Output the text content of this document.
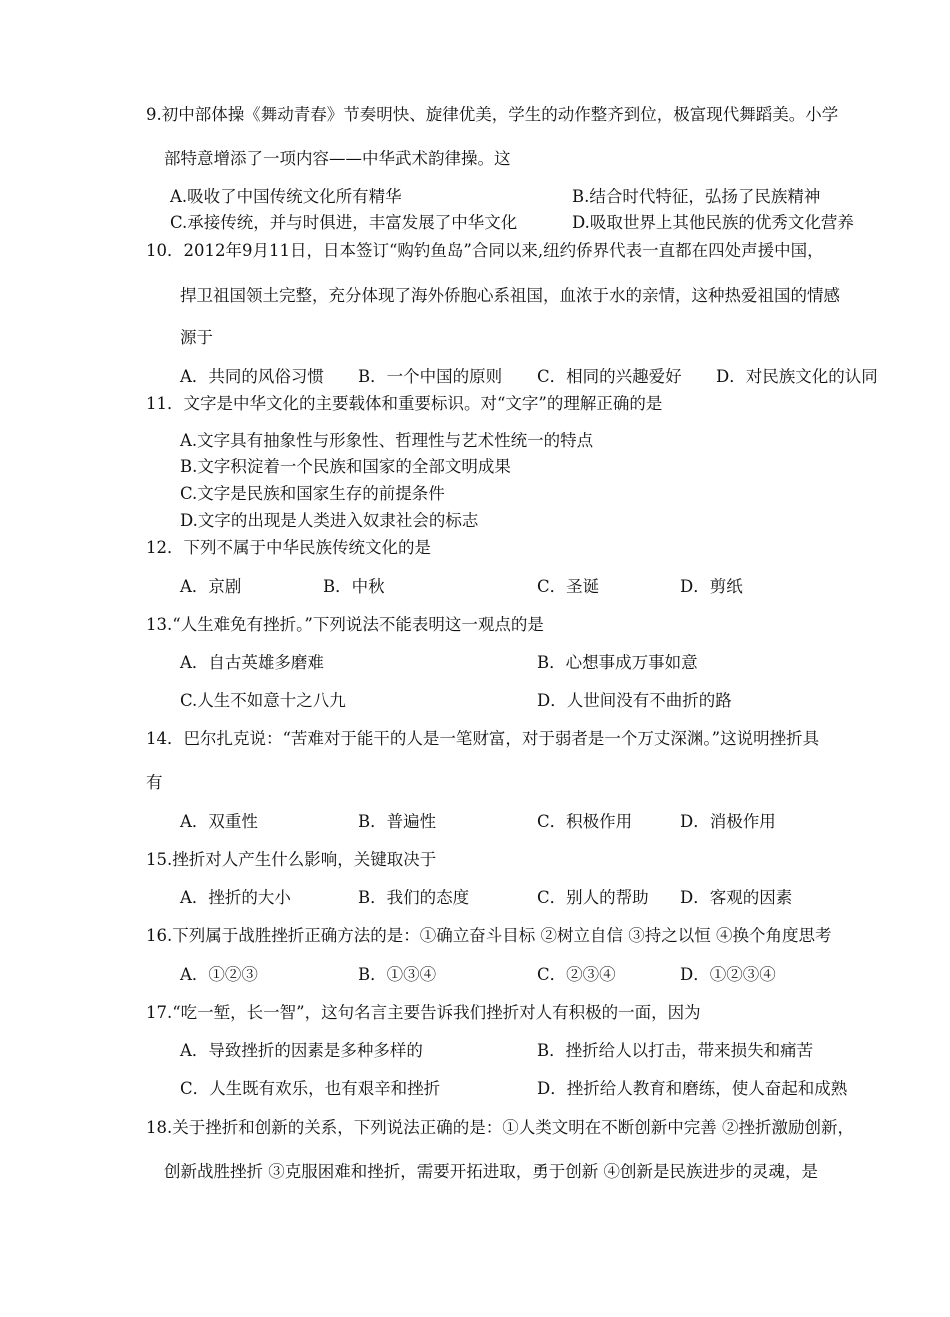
9.初中部体操《舞动青春》节奏明快、旋律优美，学生的动作整齐到位，极富现代舞蹈美。小学
部特意增添了一项内容——中华武术韵律操。这
A.吸收了中国传统文化所有精华	B.结合时代特征，弘扬了民族精神
C.承接传统，并与时俱进，丰富发展了中华文化	D.吸取世界上其他民族的优秀文化营养
10．2012年9月11日，日本签订“购钓鱼岛”合同以来,纽约侨界代表一直都在四处声援中国，
捍卫祖国领土完整，充分体现了海外侨胞心系祖国，血浓于水的亲情，这种热爱祖国的情感
源于
A．共同的风俗习惯 B．一个中国的原则 C．相同的兴趣爱好 D．对民族文化的认同
11．文字是中华文化的主要载体和重要标识。对“文字”的理解正确的是
A.文字具有抽象性与形象性、哲理性与艺术性统一的特点
B.文字积淀着一个民族和国家的全部文明成果
C.文字是民族和国家生存的前提条件
D.文字的出现是人类进入奴隶社会的标志
12．下列不属于中华民族传统文化的是
A．京剧	B．中秋	C．圣诞	D．剪纸
13.“人生难免有挫折。”下列说法不能表明这一观点的是
A．自古英雄多磨难	B．心想事成万事如意
C.人生不如意十之八九	D．人世间没有不曲折的路
14．巴尔扎克说：“苦难对于能干的人是一笔财富，对于弱者是一个万丈深渊。”这说明挫折具
有
A．双重性	B．普遍性	C．积极作用	D．消极作用
15.挫折对人产生什么影响，关键取决于
A．挫折的大小	B．我们的态度	C．别人的帮助 D．客观的因素
16.下列属于战胜挫折正确方法的是：①确立奋斗目标 ②树立自信 ③持之以恒 ④换个角度思考
A．①②③	B．①③④	C．②③④	D．①②③④
17.“吃一堑，长一智”，这句名言主要告诉我们挫折对人有积极的一面，因为
A．导致挫折的因素是多种多样的	B．挫折给人以打击，带来损失和痛苦
C．人生既有欢乐，也有艰辛和挫折	D．挫折给人教育和磨练，使人奋起和成熟
18.关于挫折和创新的关系，下列说法正确的是：①人类文明在不断创新中完善 ②挫折激励创新，
创新战胜挫折 ③克服困难和挫折，需要开拓进取，勇于创新 ④创新是民族进步的灵魂，是
